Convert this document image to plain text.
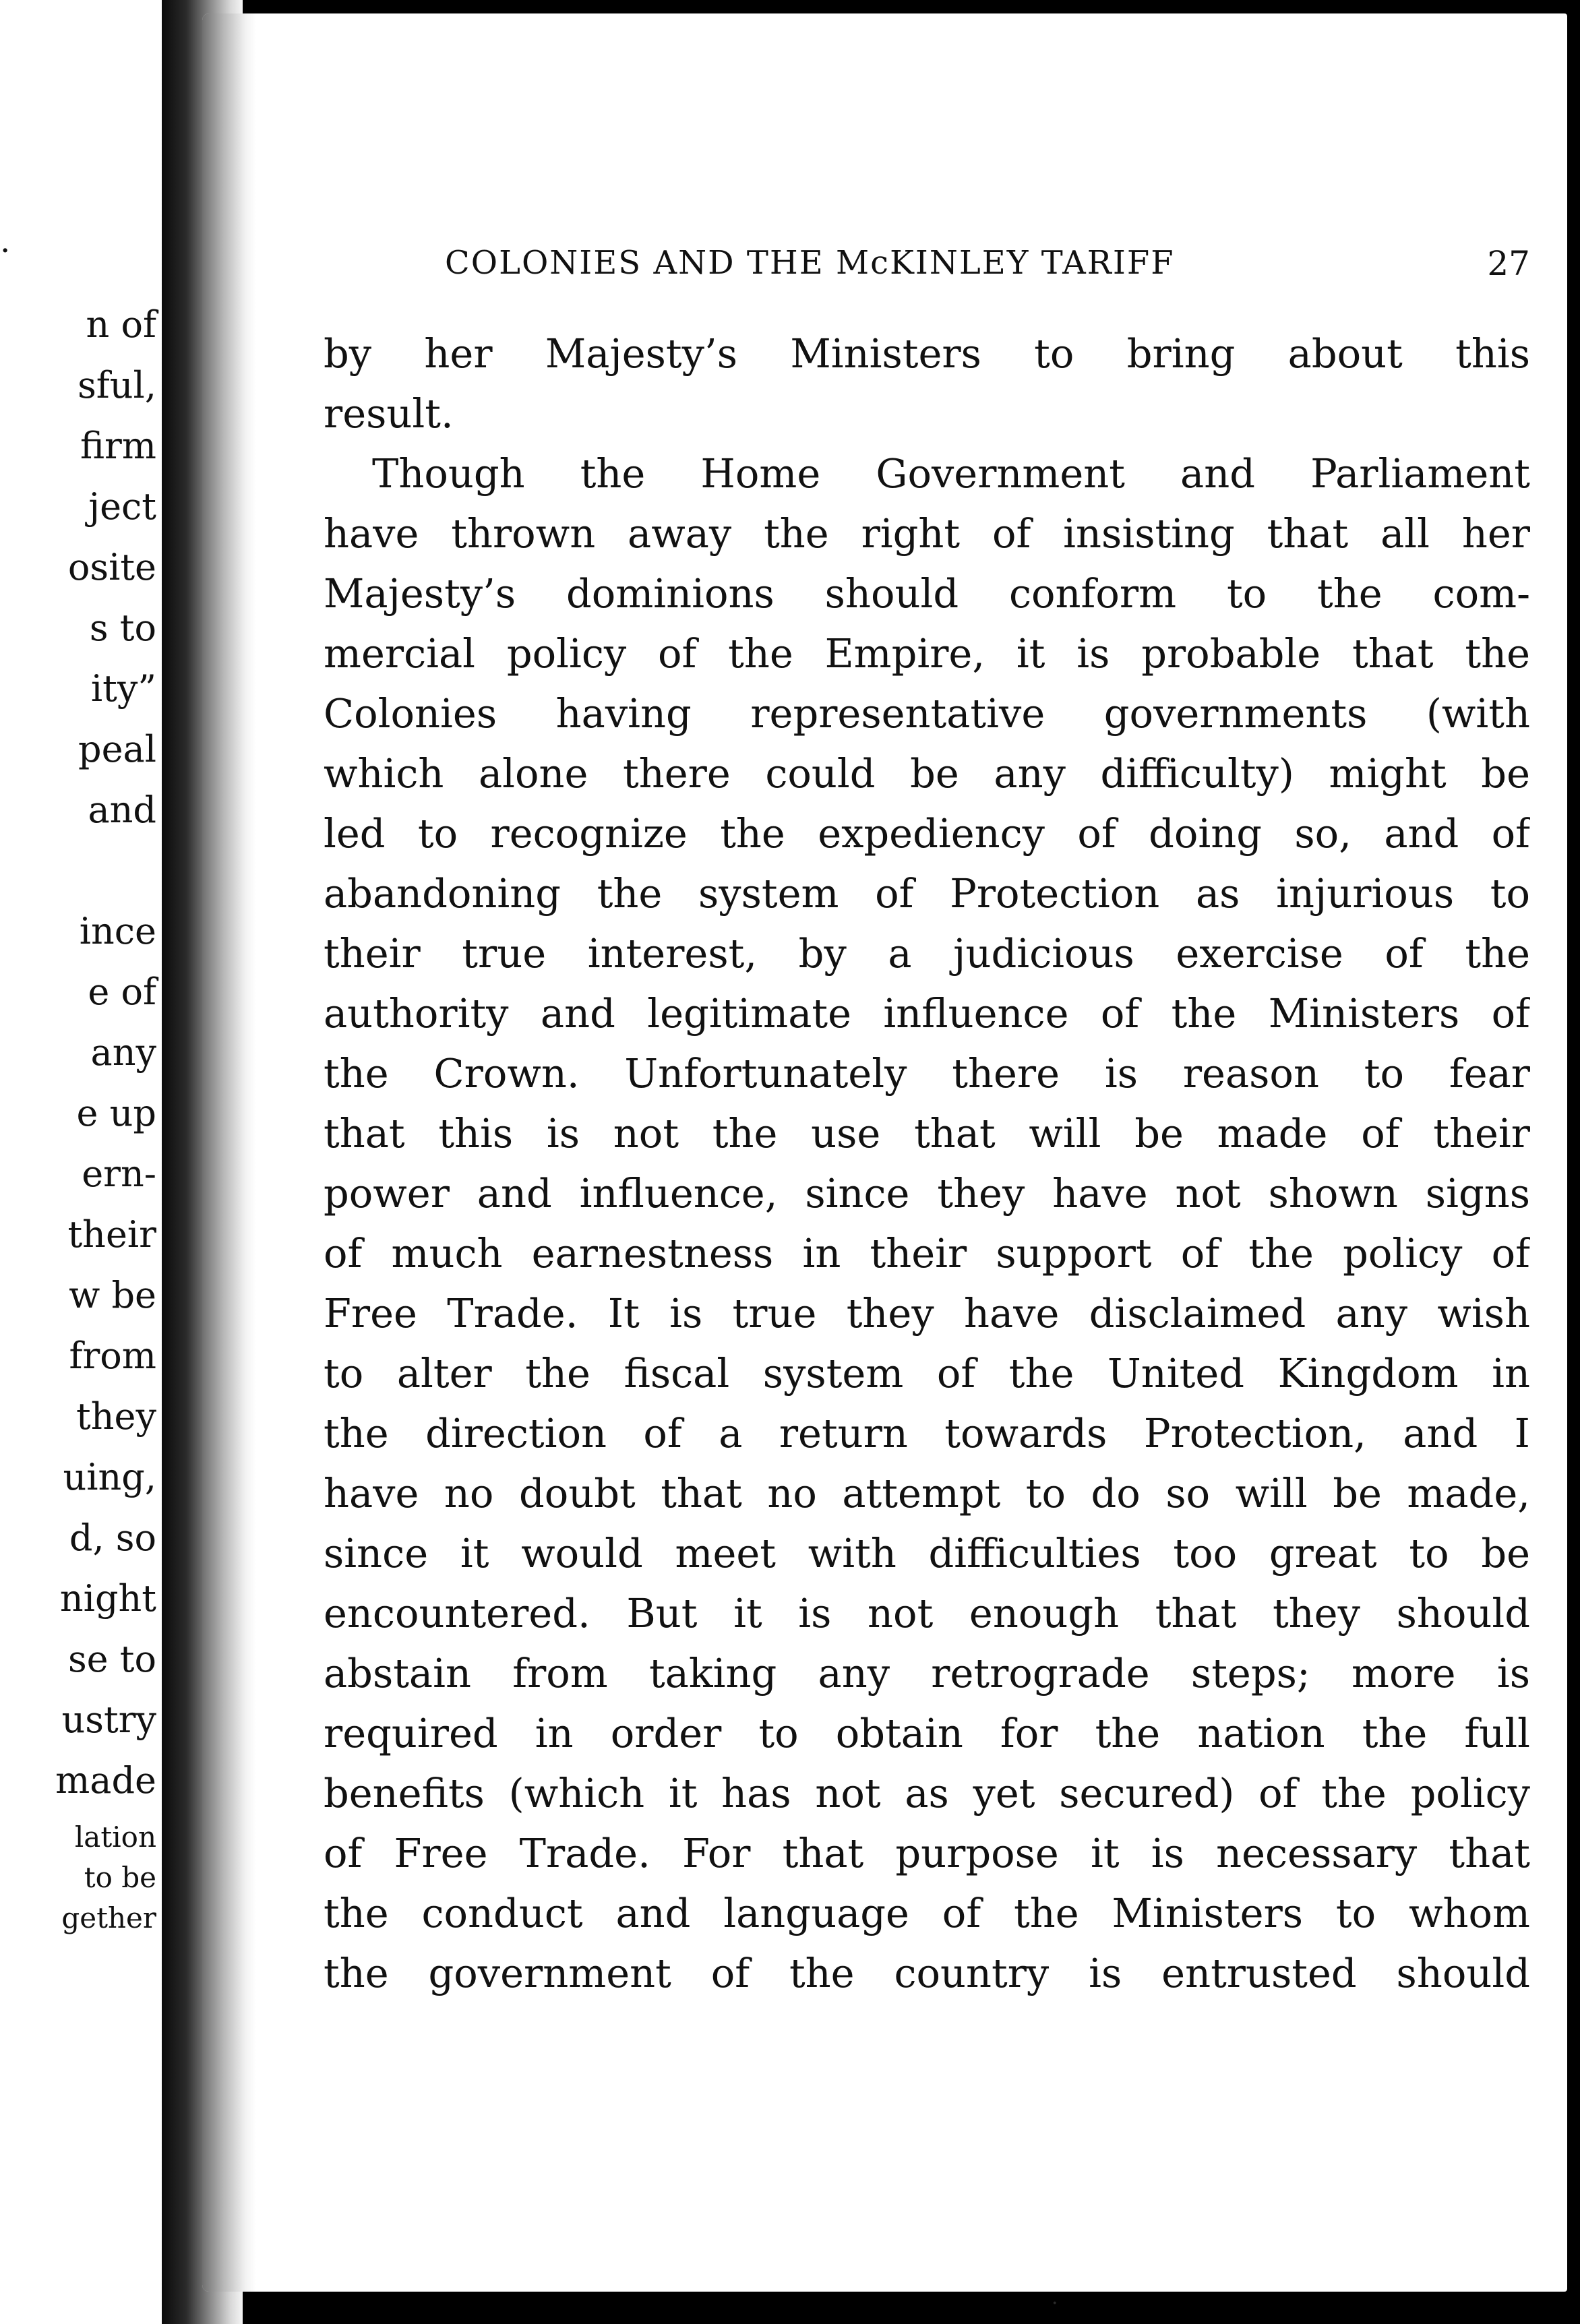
.
n of
sful,
firm
ject
osite
s to
ity”
peal
and
ince
e of
any
e up
ern-
their
w be
from
they
uing,
d, so
night
se to
ustry
made
lation
to be
gether
COLONIES AND THE McKINLEY TARIFF	27
by her Majesty’s Ministers to bring about this
result.
Though the Home Government and Parliament
have thrown away the right of insisting that all her
Majesty’s dominions should conform to the com-
mercial policy of the Empire, it is probable that the
Colonies having representative governments (with
which alone there could be any difficulty) might be
led to recognize the expediency of doing so, and of
abandoning the system of Protection as injurious to
their true interest, by a judicious exercise of the
authority and legitimate influence of the Ministers of
the Crown. Unfortunately there is reason to fear
that this is not the use that will be made of their
power and influence, since they have not shown signs
of much earnestness in their support of the policy of
Free Trade. It is true they have disclaimed any wish
to alter the fiscal system of the United Kingdom in
the direction of a return towards Protection, and I
have no doubt that no attempt to do so will be made,
since it would meet with difficulties too great to be
encountered. But it is not enough that they should
abstain from taking any retrograde steps; more is
required in order to obtain for the nation the full
benefits (which it has not as yet secured) of the policy
of Free Trade. For that purpose it is necessary that
the conduct and language of the Ministers to whom
the government of the country is entrusted should
·
